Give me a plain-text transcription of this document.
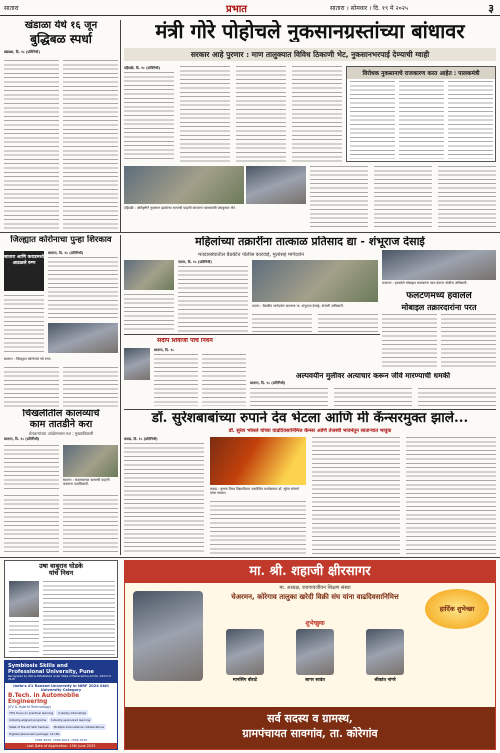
सातारा	प्रभात	सातारा । सोमवार । दि. १९ मे २०२५	३
खंडाळा येथे १६ जून
बुद्धिबळ स्पर्धा
खंडाळा, दि. १८ (प्रतिनिधी)
मंत्री गोरे पोहोचले नुकसानग्रस्तांच्या बांधावर
सरकार आहे पुरणार : माण तालुक्यात विविध ठिकाणी भेट, नुकसानभरपाई देण्याची ग्वाही
दहिवडी, दि. १८ (प्रतिनिधी)
विरोधक नुकसानाचे राजकारण करत आहेत : पालकमंत्री
दहिवडी : अतिवृष्टीने नुकसान झालेल्या भागाची पाहणी करताना पालकमंत्री जयकुमार गोरे.
जिल्ह्यात कोरोनाचा पुन्हा शिरकाव
सातारा आणि कराडमध्ये आढळले रुग्ण
सातारा, दि. १८ (प्रतिनिधी)
सातारा : जिल्ह्यात कोरोनाचे नवे रुग्ण.
महिलांच्या तक्रारींना तात्काळ प्रतिसाद द्या - शंभूराज देसाई
मतदारसंघातील बैठकीत पोलीस कारवाई, मुलांसह मार्गदर्शन
पाटण, दि. १८ (प्रतिनिधी)
पाटण : बैठकीत मार्गदर्शन करताना ना. शंभूराज देसाई, शेजारी अधिकारी.
फलटण : हरवलेले मोबाइल मालकांना परत देताना पोलीस अधिकारी.
फलटणमध्ये हवालेले
मोबाइल तक्रारदारांना परत
संदीप शिवाजी पांचे निधन
सातारा, दि. १८
अल्पवयीन मुलीवर अत्याचार करून जीवे मारण्याची धमकी
सातारा, दि. १८ (प्रतिनिधी)
चिखलीतील कालव्याचे
काम तातडीने करा
शेतकऱ्यांच्या आंदोलनाला यश ; मुख्याधिकारी
सातारा, दि. १८ (प्रतिनिधी)
सातारा : कालव्याच्या कामाची पाहणी करताना पदाधिकारी.
डॉ. सुरेशबाबांच्या रुपाने देव भेटला आणि मी कॅन्सरमुक्त झाले...
डॉ. सुरेश भोसले यांच्या वाढदिवसानिमित्त कॅन्सर आणि तेजस्वी भावनेतून साताऱ्यात भावुक
कराड, दि. १८ (प्रतिनिधी)
कराड : कृष्णा विश्व विद्यापीठात आयोजित कार्यक्रमात डॉ. सुरेश भोसले यांचा सत्कार.
उषा बाबूराव घोडके
यांचे निधन
Symbiosis Skills and
Professional University, Pune
Recognized by UGC & Established under State of Maharashtra Act No. XXXVI of 2018
India's #1 Ranked University in NIRF 2024 Skill University Category
B.Tech. in Automobile Engineering
(EV & Hybrid Technology)
70% focus on practical learning	Industry internships
Industry-aligned programs	Industry-sponsored learning
State of the art Skill Centres	Multiple international collaborations
Highest placement package: 12 LPA
7066 3939, 7066 9004, 7066 3030
Last Date of Application: 15th June 2025
मा. श्री. शहाजी क्षीरसागर
मा. अध्यक्ष, रायगावजीवन शिक्षण संस्था
चेअरमन, कोरेगाव तालुका खरेदी विक्री संघ यांना वाढदिवसानिमित्त
हार्दिक शुभेच्छा
शुभेच्छुक
मानसिंग बोराटे	सागर सावंत	श्रीकांत नांगरे
सर्व सदस्य व ग्रामस्थ,
ग्रामपंचायत सावगांव, ता. कोरेगांव
